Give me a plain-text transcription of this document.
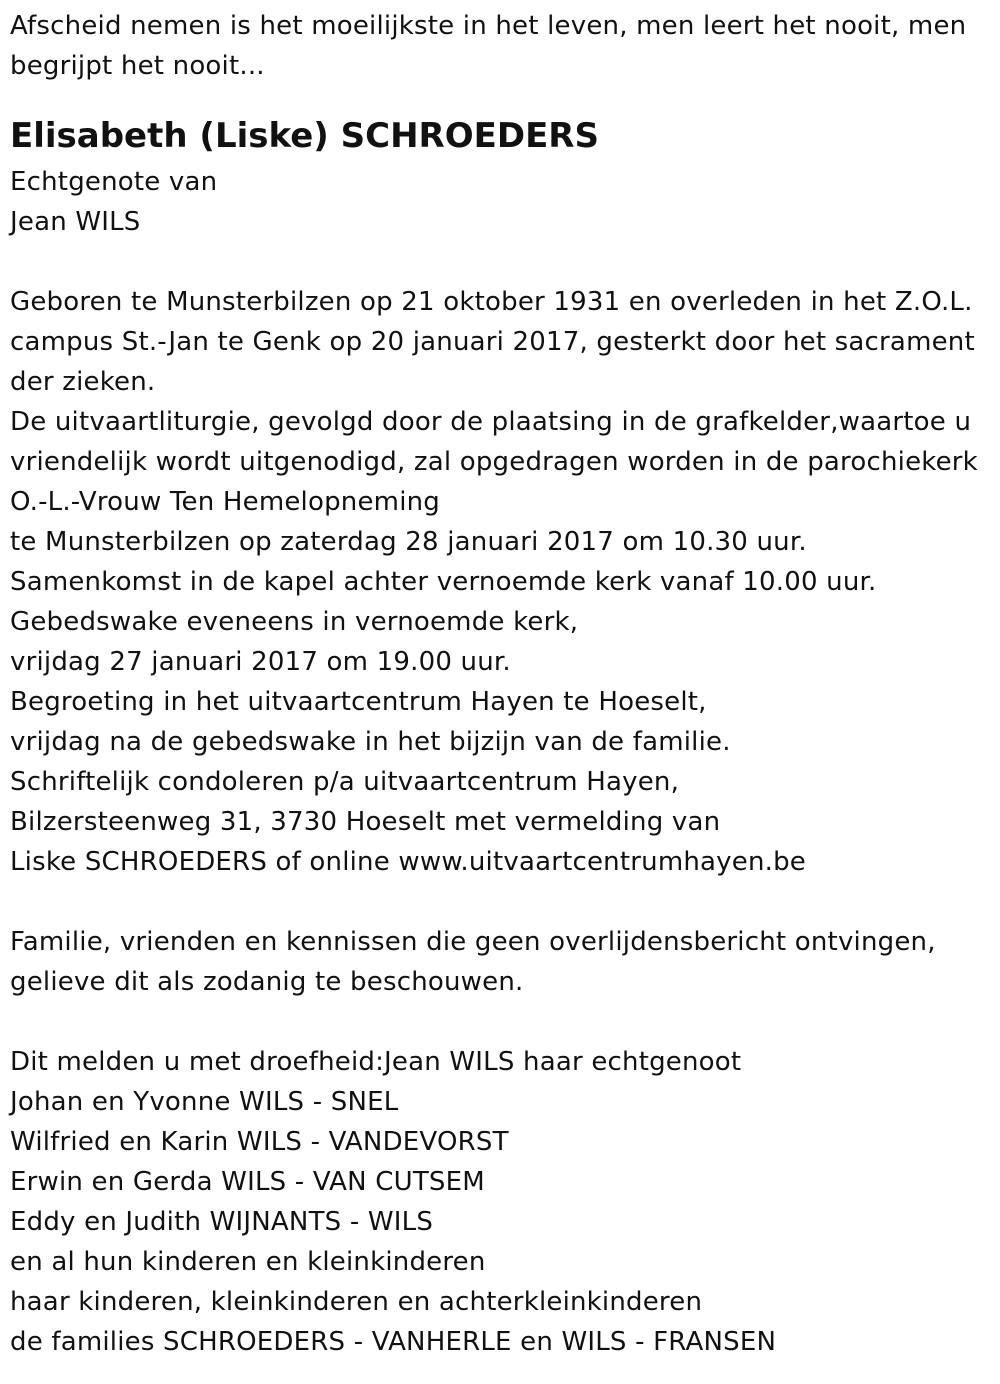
Afscheid nemen is het moeilijkste in het leven, men leert het nooit, men
begrijpt het nooit...
Elisabeth (Liske) SCHROEDERS
Echtgenote van
Jean WILS
Geboren te Munsterbilzen op 21 oktober 1931 en overleden in het Z.O.L.
campus St.-Jan te Genk op 20 januari 2017, gesterkt door het sacrament
der zieken.
De uitvaartliturgie, gevolgd door de plaatsing in de grafkelder,waartoe u
vriendelijk wordt uitgenodigd, zal opgedragen worden in de parochiekerk
O.-L.-Vrouw Ten Hemelopneming
te Munsterbilzen op zaterdag 28 januari 2017 om 10.30 uur.
Samenkomst in de kapel achter vernoemde kerk vanaf 10.00 uur.
Gebedswake eveneens in vernoemde kerk,
vrijdag 27 januari 2017 om 19.00 uur.
Begroeting in het uitvaartcentrum Hayen te Hoeselt,
vrijdag na de gebedswake in het bijzijn van de familie.
Schriftelijk condoleren p/a uitvaartcentrum Hayen,
Bilzersteenweg 31, 3730 Hoeselt met vermelding van
Liske SCHROEDERS of online www.uitvaartcentrumhayen.be
Familie, vrienden en kennissen die geen overlijdensbericht ontvingen,
gelieve dit als zodanig te beschouwen.
Dit melden u met droefheid:Jean WILS haar echtgenoot
Johan en Yvonne WILS - SNEL
Wilfried en Karin WILS - VANDEVORST
Erwin en Gerda WILS - VAN CUTSEM
Eddy en Judith WIJNANTS - WILS
en al hun kinderen en kleinkinderen
haar kinderen, kleinkinderen en achterkleinkinderen
de families SCHROEDERS - VANHERLE en WILS - FRANSEN
